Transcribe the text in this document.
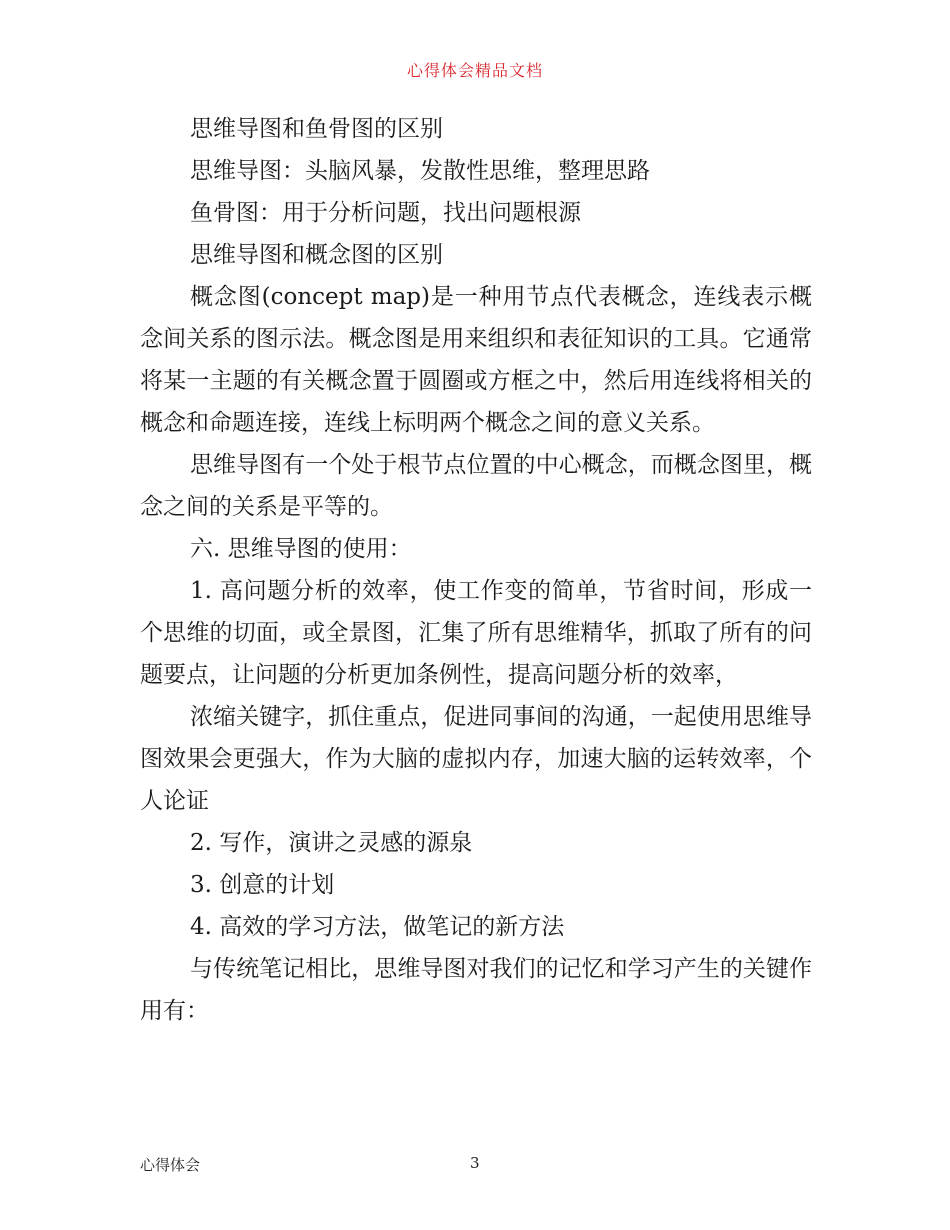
心得体会精品文档

思维导图和鱼骨图的区别

思维导图：头脑风暴，发散性思维，整理思路

鱼骨图：用于分析问题，找出问题根源

思维导图和概念图的区别

概念图(concept map)是一种用节点代表概念，连线表示概念间关系的图示法。概念图是用来组织和表征知识的工具。它通常将某一主题的有关概念置于圆圈或方框之中，然后用连线将相关的概念和命题连接，连线上标明两个概念之间的意义关系。

思维导图有一个处于根节点位置的中心概念，而概念图里，概念之间的关系是平等的。

六. 思维导图的使用：

1. 高问题分析的效率，使工作变的简单，节省时间，形成一个思维的切面，或全景图，汇集了所有思维精华，抓取了所有的问题要点，让问题的分析更加条例性，提高问题分析的效率，

浓缩关键字，抓住重点，促进同事间的沟通，一起使用思维导图效果会更强大，作为大脑的虚拟内存，加速大脑的运转效率，个人论证

2. 写作，演讲之灵感的源泉

3. 创意的计划

4. 高效的学习方法，做笔记的新方法

与传统笔记相比，思维导图对我们的记忆和学习产生的关键作用有：

心得体会	3
